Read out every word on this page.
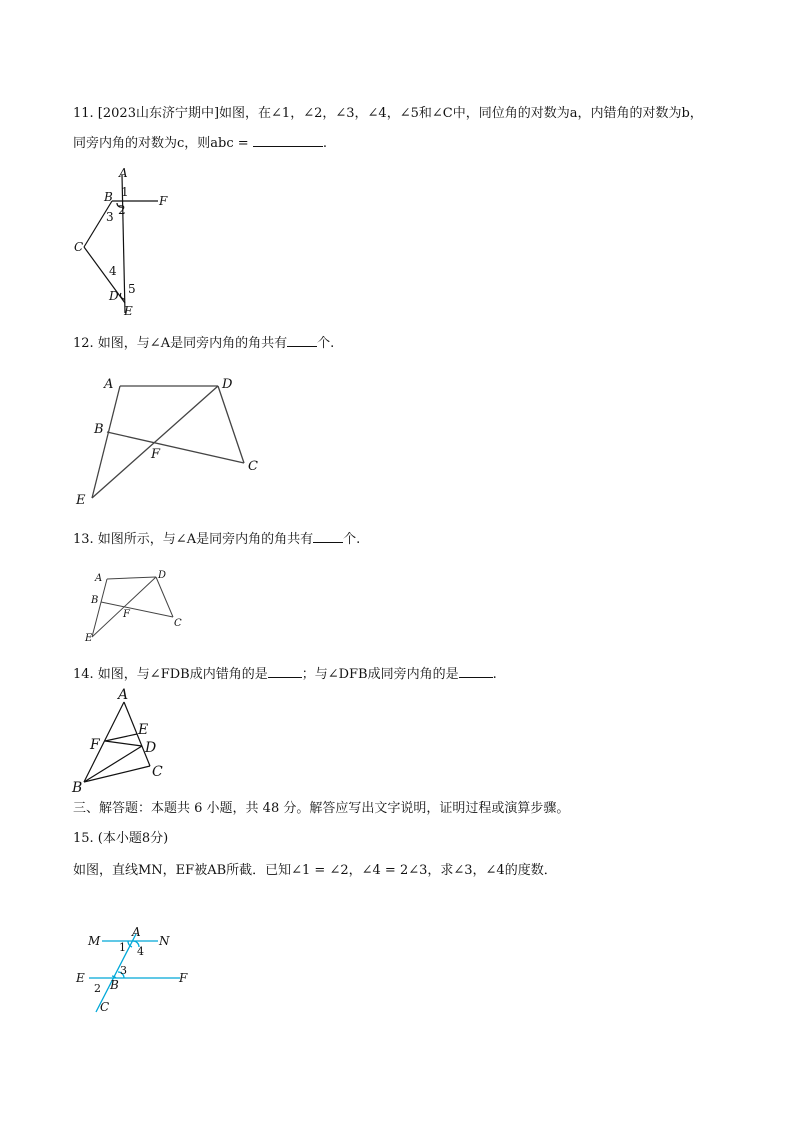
11. [2023山东济宁期中]如图，在∠1，∠2，∠3，∠4，∠5和∠C中，同位角的对数为a，内错角的对数为b，
同旁内角的对数为c，则abc =	.
A
B 1
2
F
3
C
4
D 5
E
12. 如图，与∠A是同旁内角的角共有 个.
A	D
B
F
C
E
13. 如图所示，与∠A是同旁内角的角共有 个.
A	D
B
F
C
E
14. 如图，与∠FDB成内错角的是	；与∠DFB成同旁内角的是	.
A
E
F	D
C
B
三、解答题：本题共 6 小题，共 48 分。解答应写出文字说明，证明过程或演算步骤。
15. (本小题8分)
如图，直线MN，EF被AB所截．已知∠1 = ∠2，∠4 = 2∠3，求∠3，∠4的度数．
M
A
N
1 4
3
E	F
2 B
C
